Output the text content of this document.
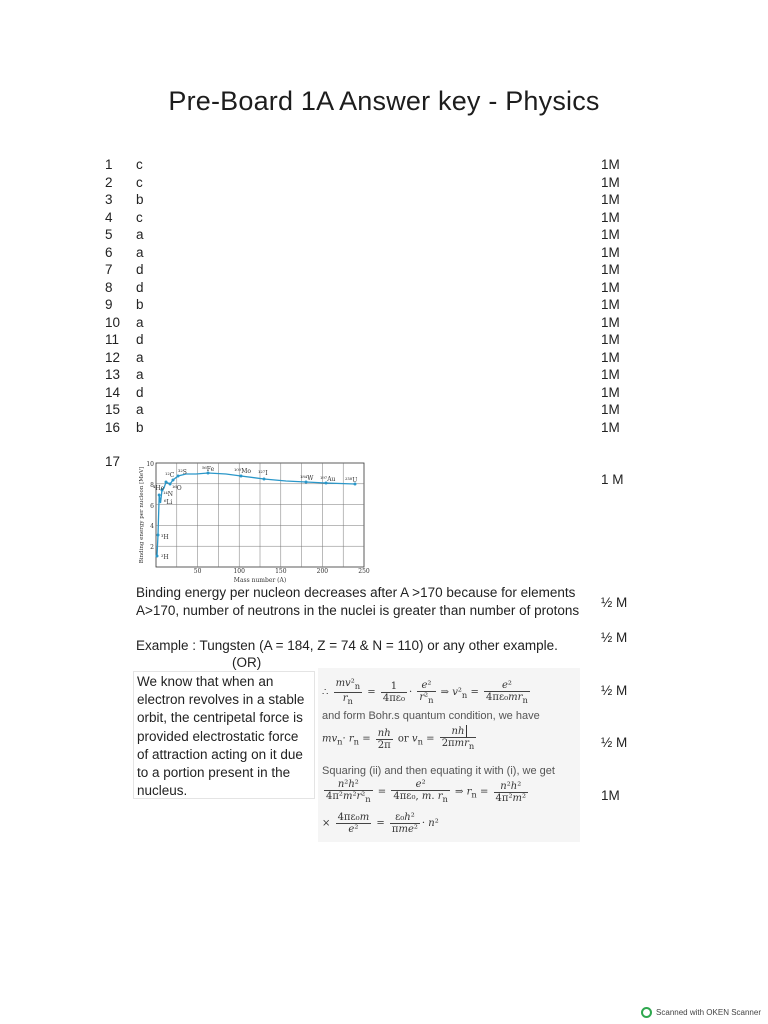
Pre-Board 1A Answer key - Physics
1 c	1M
2 c	1M
3 b	1M
4 c	1M
5 a	1M
6 a	1M
7 d	1M
8 d	1M
9 b	1M
10 a	1M
11 d	1M
12 a	1M
13 a	1M
14 d	1M
15 a	1M
16 b	1M
17
²H
³H
⁴He
⁶Li
¹⁴N
¹⁶O
¹²C ³²S	⁵⁶Fe	¹⁰⁰Mo ¹²⁷I
¹⁸⁴W ¹⁹⁷Au ²³⁸U
10
8
6
4
2
50	100	150	200	250
Mass number (A)
Binding energy per nucleon [MeV]	1 M
Binding energy per nucleon decreases after A >170 because for elements A>170, number of neutrons in the nuclei is greater than number of protons	½ M
Example : Tungsten (A = 184, Z = 74 & N = 110) or any other example.
½ M
(OR)
We know that when an electron revolves in a stable orbit, the centripetal force is provided electrostatic force of attraction acting on it due to a portion present in the nucleus.
∴ $\frac{mv^2_n}{r_n} = \frac{1}{\text{4πε₀}} \cdot \frac{\text{e²}}{r^2_n}$ ⇒ $v^2_n = \frac{\text{e²}}{4\pi\varepsilon_0mr_n}$
and form Bohr.s quantum condition, we have
$mv_n\cdot r_n = \frac{nh}{2\pi}$ or $v_n = \frac{nh}{2\pi mr_n}$
Squaring (ii) and then equating it with (i), we get
$\frac{\text{n²h²}}{4\pi^2m^2r^2_n} = \frac{\text{e²}}{4\pi\varepsilon_0, m. r_n}$ ⇒ $r_n = \frac{\text{n²h²}}{\text{4π²m²}}$
× $\frac{\text{4πε₀m}}{\text{e²}} = \frac{\text{ε₀h²}}{\text{πme²}} \cdot n^2$
½ M
½ M
1M
Scanned with OKEN Scanner
